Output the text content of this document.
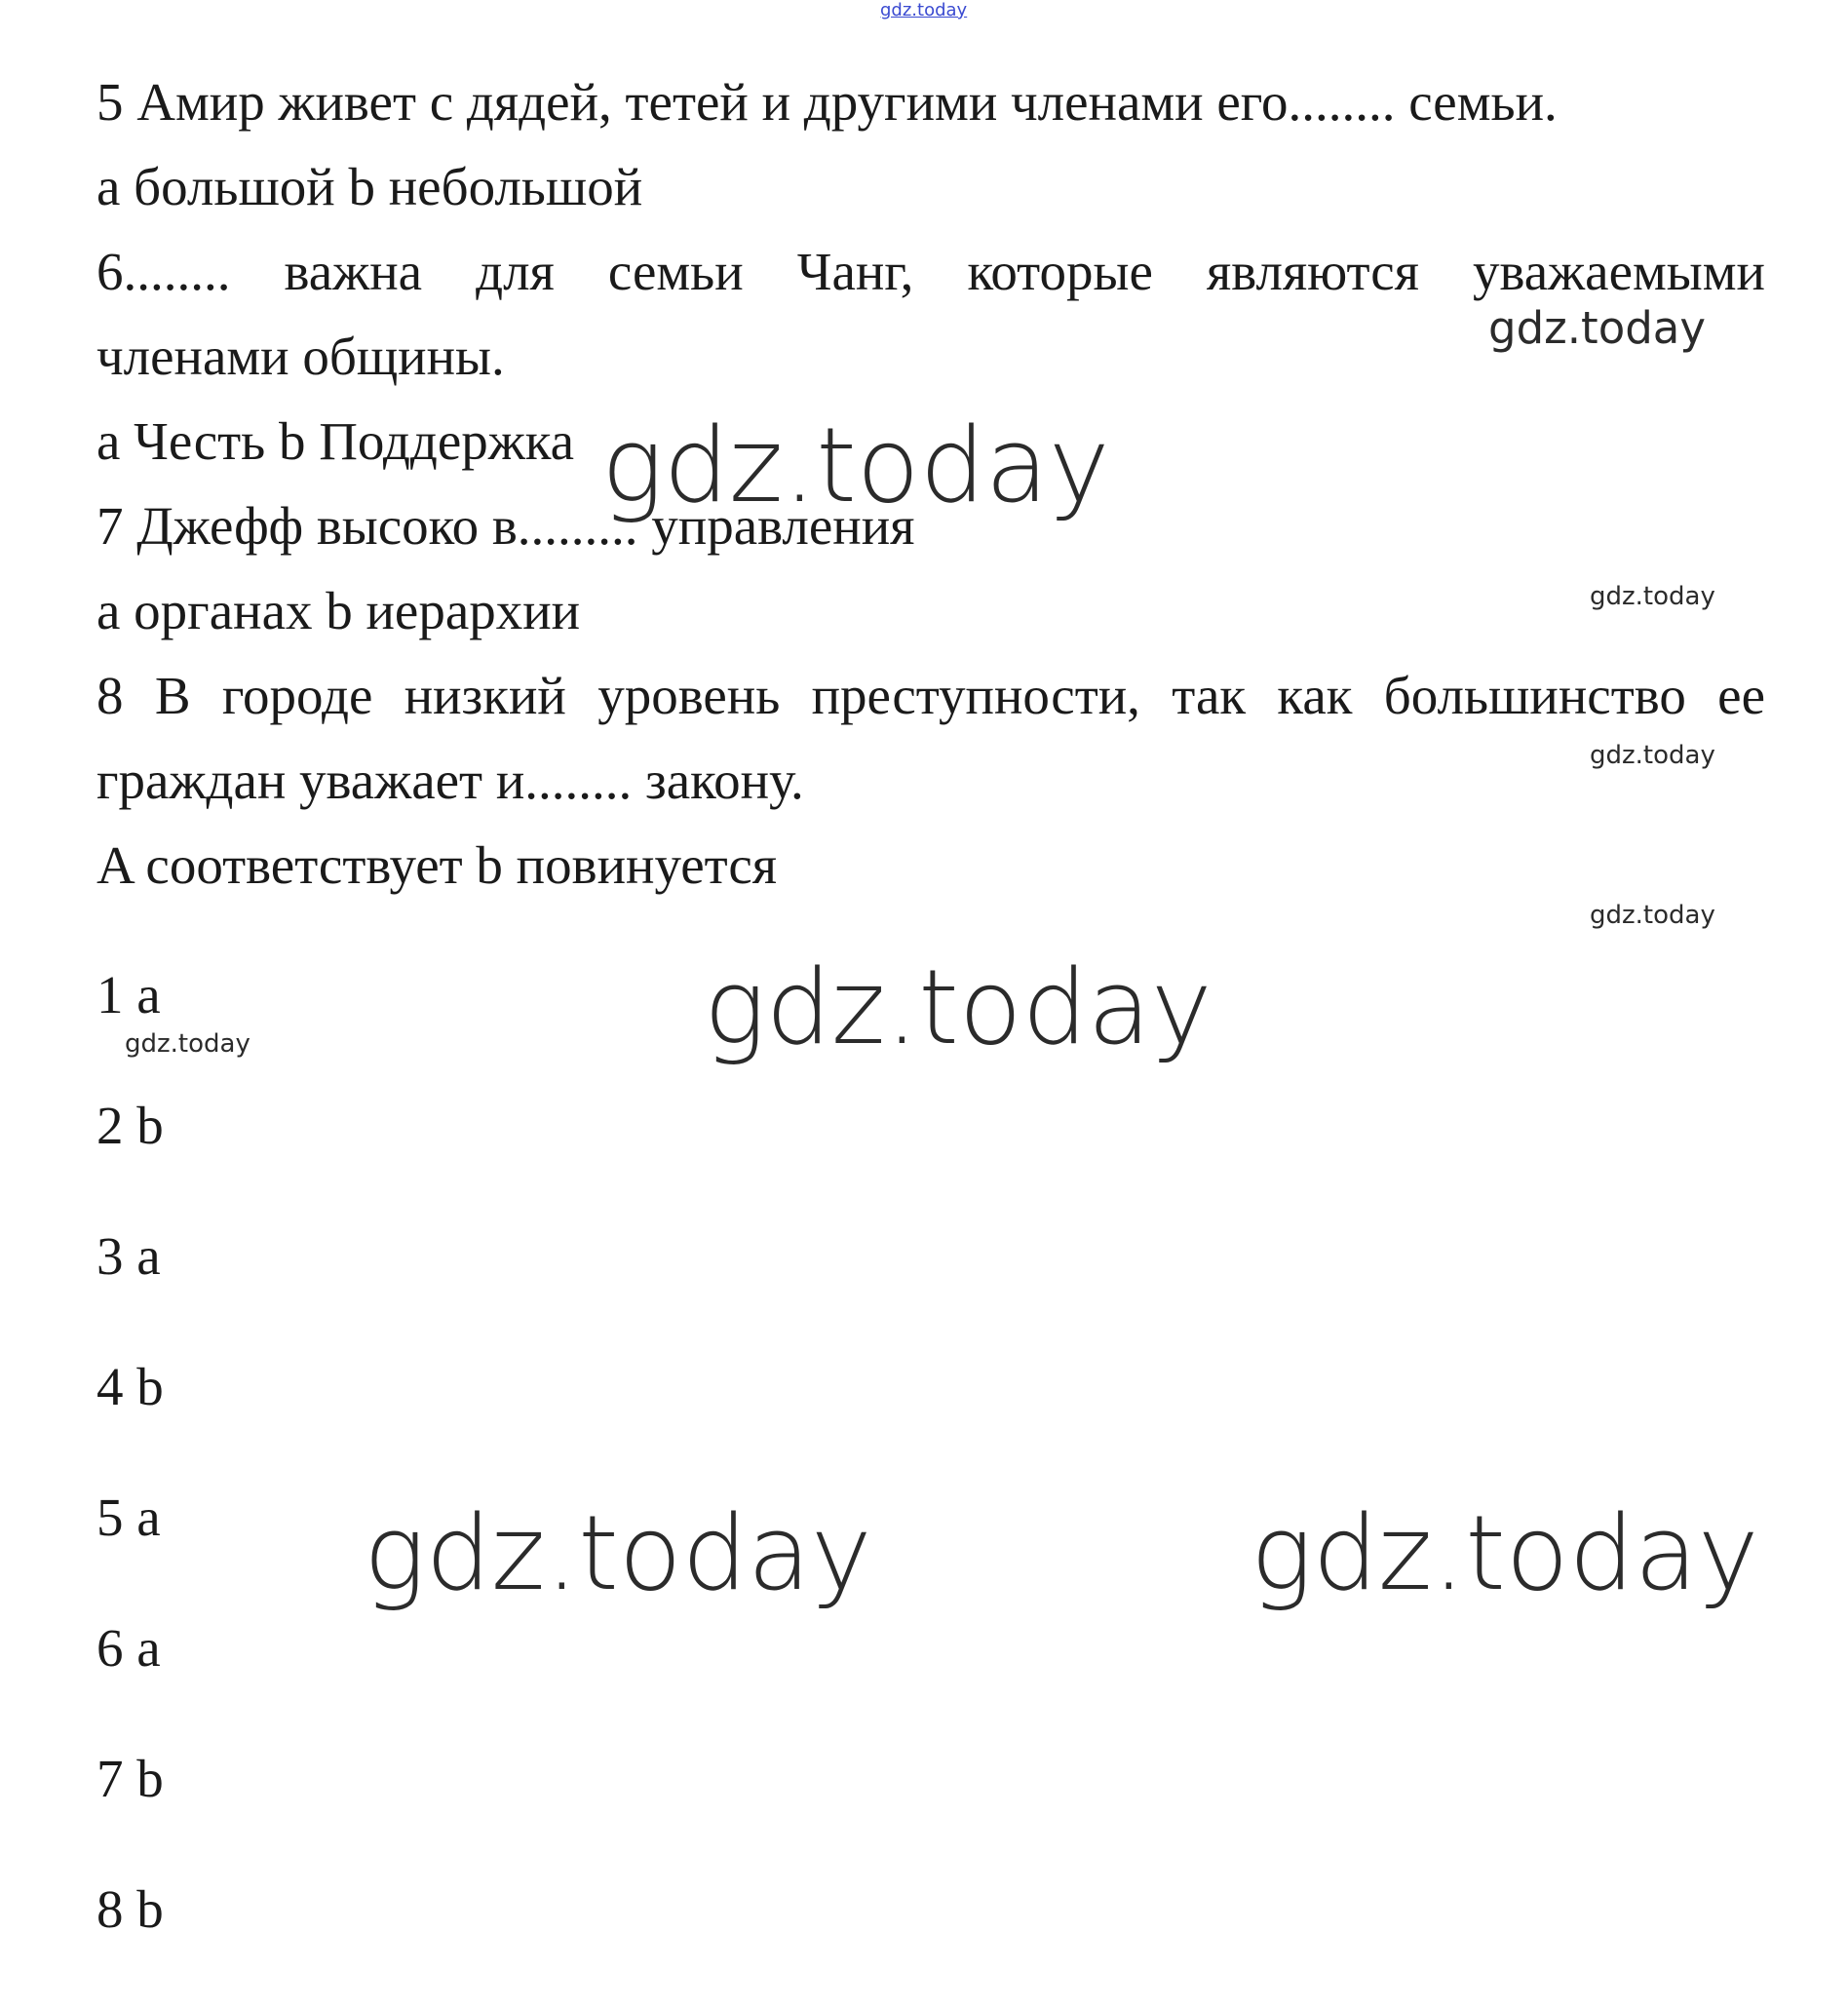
gdz.today
5 Амир живет с дядей, тетей и другими членами его........ семьи.
a большой b небольшой
6........ важна для семьи Чанг, которые являются уважаемыми
gdz.today
членами общины.
a Честь b Поддержка gdz.today
7 Джефф высоко в......... управления
a органах b иерархии	gdz.today
8 В городе низкий уровень преступности, так как большинство ее
gdz.today
граждан уважает и........ закону.
A соответствует b повинуется
gdz.today
1 a
gdz.today	gdz.today
2 b
3 a
4 b
5 a gdz.today	gdz.today
6 a
7 b
8 b
